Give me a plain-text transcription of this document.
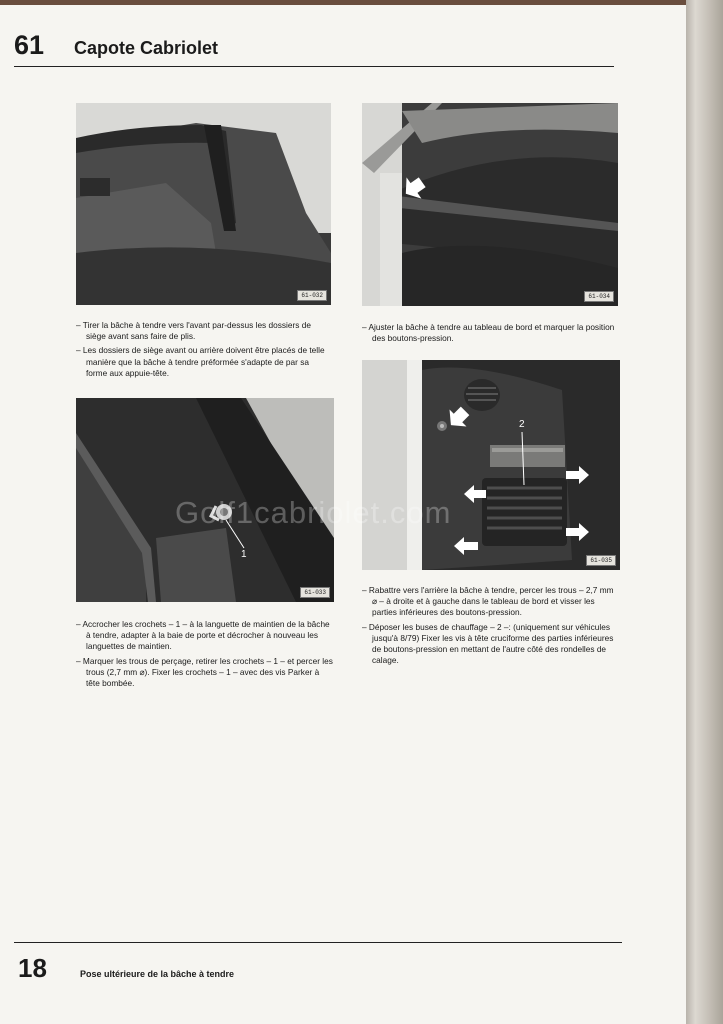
61 Capote Cabriolet
61-032	61-034

– Tirer la bâche à tendre vers l'avant par-dessus les dossiers de siège avant sans faire de plis.

– Les dossiers de siège avant ou arrière doivent être placés de telle manière que la bâche à tendre préformée s'adapte de par sa forme aux appuie-tête.

– Ajuster la bâche à tendre au tableau de bord et marquer la position des boutons-pression.

1
61-033
2
61-035
Golf1cabriolet.com

– Accrocher les crochets – 1 – à la languette de maintien de la bâche à tendre, adapter à la baie de porte et décrocher à nouveau les languettes de maintien.

– Marquer les trous de perçage, retirer les crochets – 1 – et percer les trous (2,7 mm ⌀). Fixer les crochets – 1 – avec des vis Parker à tête bombée.

– Rabattre vers l'arrière la bâche à tendre, percer les trous – 2,7 mm ⌀ – à droite et à gauche dans le tableau de bord et visser les parties inférieures des boutons-pression.

– Déposer les buses de chauffage – 2 –: (uniquement sur véhicules jusqu'à 8/79) Fixer les vis à tête cruciforme des parties inférieures de boutons-pression en mettant de l'autre côté des rondelles de calage.

18	Pose ultérieure de la bâche à tendre
